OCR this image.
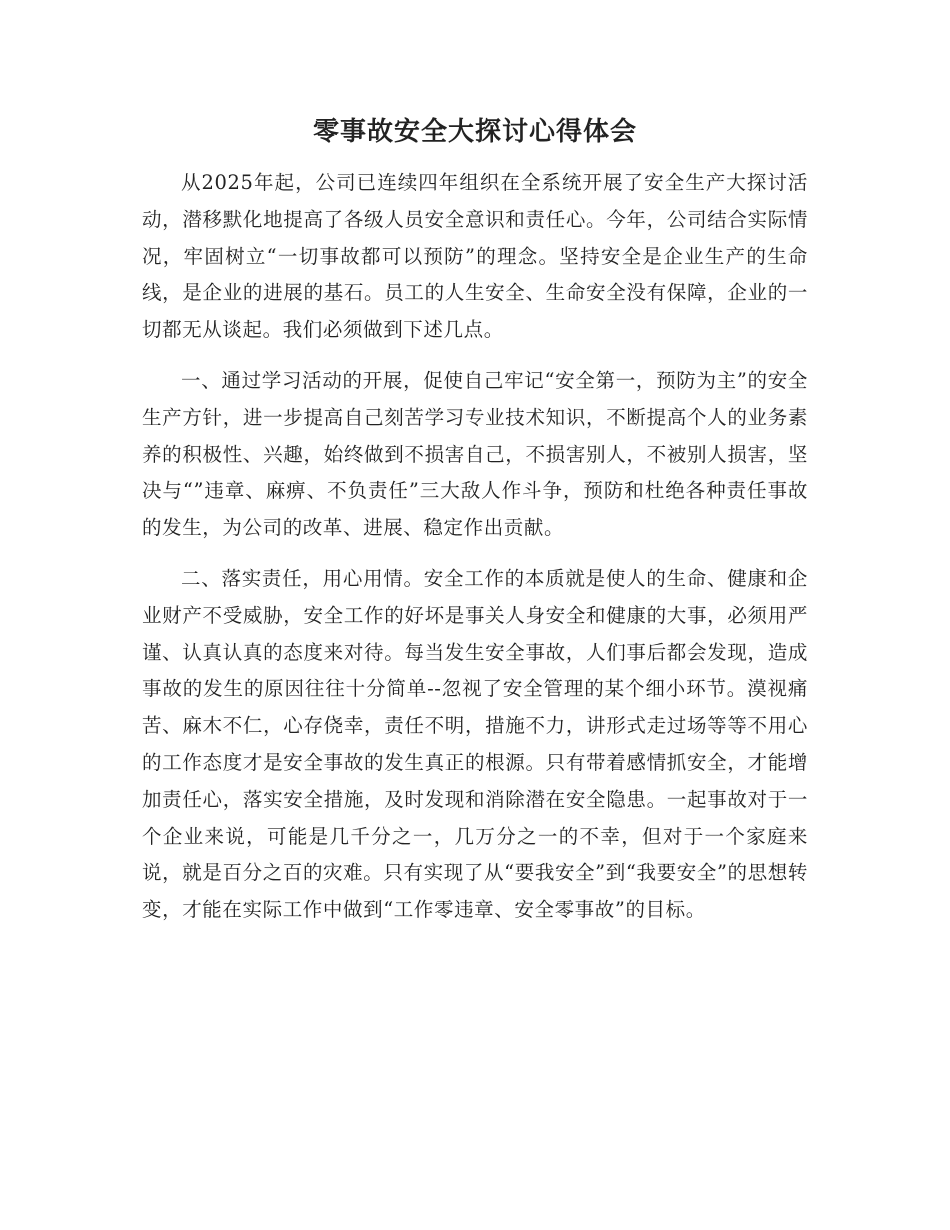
零事故安全大探讨心得体会

从2025年起，公司已连续四年组织在全系统开展了安全生产大探讨活动，潜移默化地提高了各级人员安全意识和责任心。今年，公司结合实际情况，牢固树立“一切事故都可以预防”的理念。坚持安全是企业生产的生命线，是企业的进展的基石。员工的人生安全、生命安全没有保障，企业的一切都无从谈起。我们必须做到下述几点。

一、通过学习活动的开展，促使自己牢记“安全第一，预防为主”的安全生产方针，进一步提高自己刻苦学习专业技术知识，不断提高个人的业务素养的积极性、兴趣，始终做到不损害自己，不损害别人，不被别人损害，坚决与“”违章、麻痹、不负责任”三大敌人作斗争，预防和杜绝各种责任事故的发生，为公司的改革、进展、稳定作出贡献。

二、落实责任，用心用情。安全工作的本质就是使人的生命、健康和企业财产不受威胁，安全工作的好坏是事关人身安全和健康的大事，必须用严谨、认真认真的态度来对待。每当发生安全事故，人们事后都会发现，造成事故的发生的原因往往十分简单--忽视了安全管理的某个细小环节。漠视痛苦、麻木不仁，心存侥幸，责任不明，措施不力，讲形式走过场等等不用心的工作态度才是安全事故的发生真正的根源。只有带着感情抓安全，才能增加责任心，落实安全措施，及时发现和消除潜在安全隐患。一起事故对于一个企业来说，可能是几千分之一，几万分之一的不幸，但对于一个家庭来说，就是百分之百的灾难。只有实现了从“要我安全”到“我要安全”的思想转变，才能在实际工作中做到“工作零违章、安全零事故”的目标。
